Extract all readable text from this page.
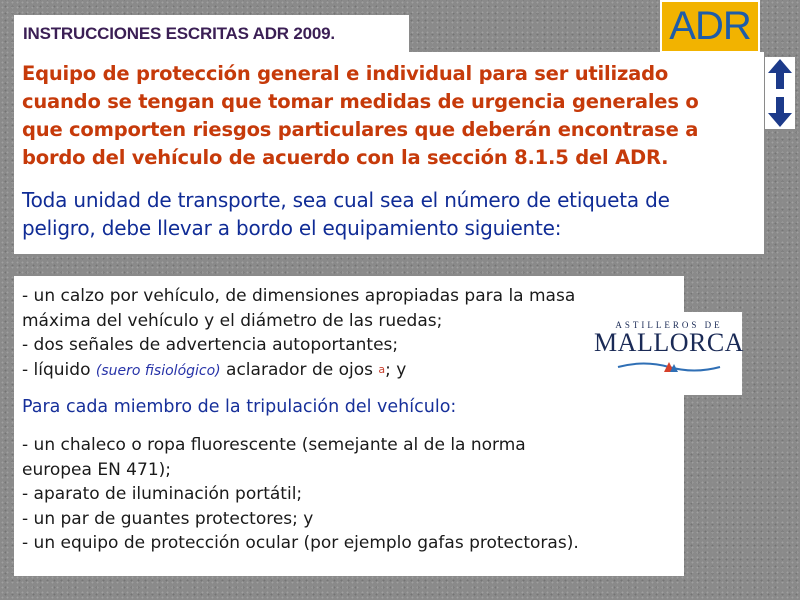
INSTRUCCIONES ESCRITAS ADR 2009.	ADR

Equipo de protección general e individual para ser utilizado
cuando se tengan que tomar medidas de urgencia generales o
que comporten riesgos particulares que deberán encontrase a
bordo del vehículo de acuerdo con la sección 8.1.5 del ADR.

Toda unidad de transporte, sea cual sea el número de etiqueta de
peligro, debe llevar a bordo el equipamiento siguiente:

- un calzo por vehículo, de dimensiones apropiadas para la masa
máxima del vehículo y el diámetro de las ruedas;
- dos señales de advertencia autoportantes;
- líquido (suero fisiológico) aclarador de ojos $^a$; y

Para cada miembro de la tripulación del vehículo:

- un chaleco o ropa fluorescente (semejante al de la norma
europea EN 471);
- aparato de iluminación portátil;
- un par de guantes protectores; y
- un equipo de protección ocular (por ejemplo gafas protectoras).

ASTILLEROS DE
MALLORCA
